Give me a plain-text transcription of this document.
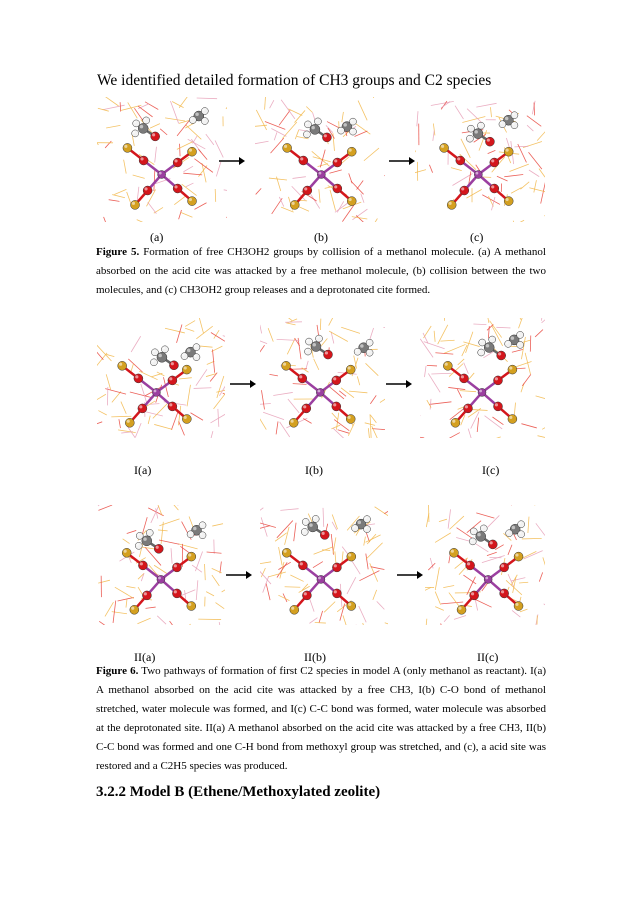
We identified detailed formation of CH3 groups and C2 species
(a)	(b)	(c)
Figure 5. Formation of free CH3OH2 groups by collision of a methanol molecule. (a) A methanol absorbed on the acid cite was attacked by a free methanol molecule, (b) collision between the two molecules, and (c) CH3OH2 group releases and a deprotonated cite formed.
I(a)	I(b)	I(c)
II(a)	II(b)	II(c)
Figure 6. Two pathways of formation of first C2 species in model A (only methanol as reactant). I(a) A methanol absorbed on the acid cite was attacked by a free CH3, I(b) C-O bond of methanol stretched, water molecule was formed, and I(c) C-C bond was formed, water molecule was absorbed at the deprotonated site. II(a) A methanol absorbed on the acid cite was attacked by a free CH3, II(b) C-C bond was formed and one C-H bond from methoxyl group was stretched, and (c), a acid site was restored and a C2H5 species was produced.
3.2.2 Model B (Ethene/Methoxylated zeolite)
